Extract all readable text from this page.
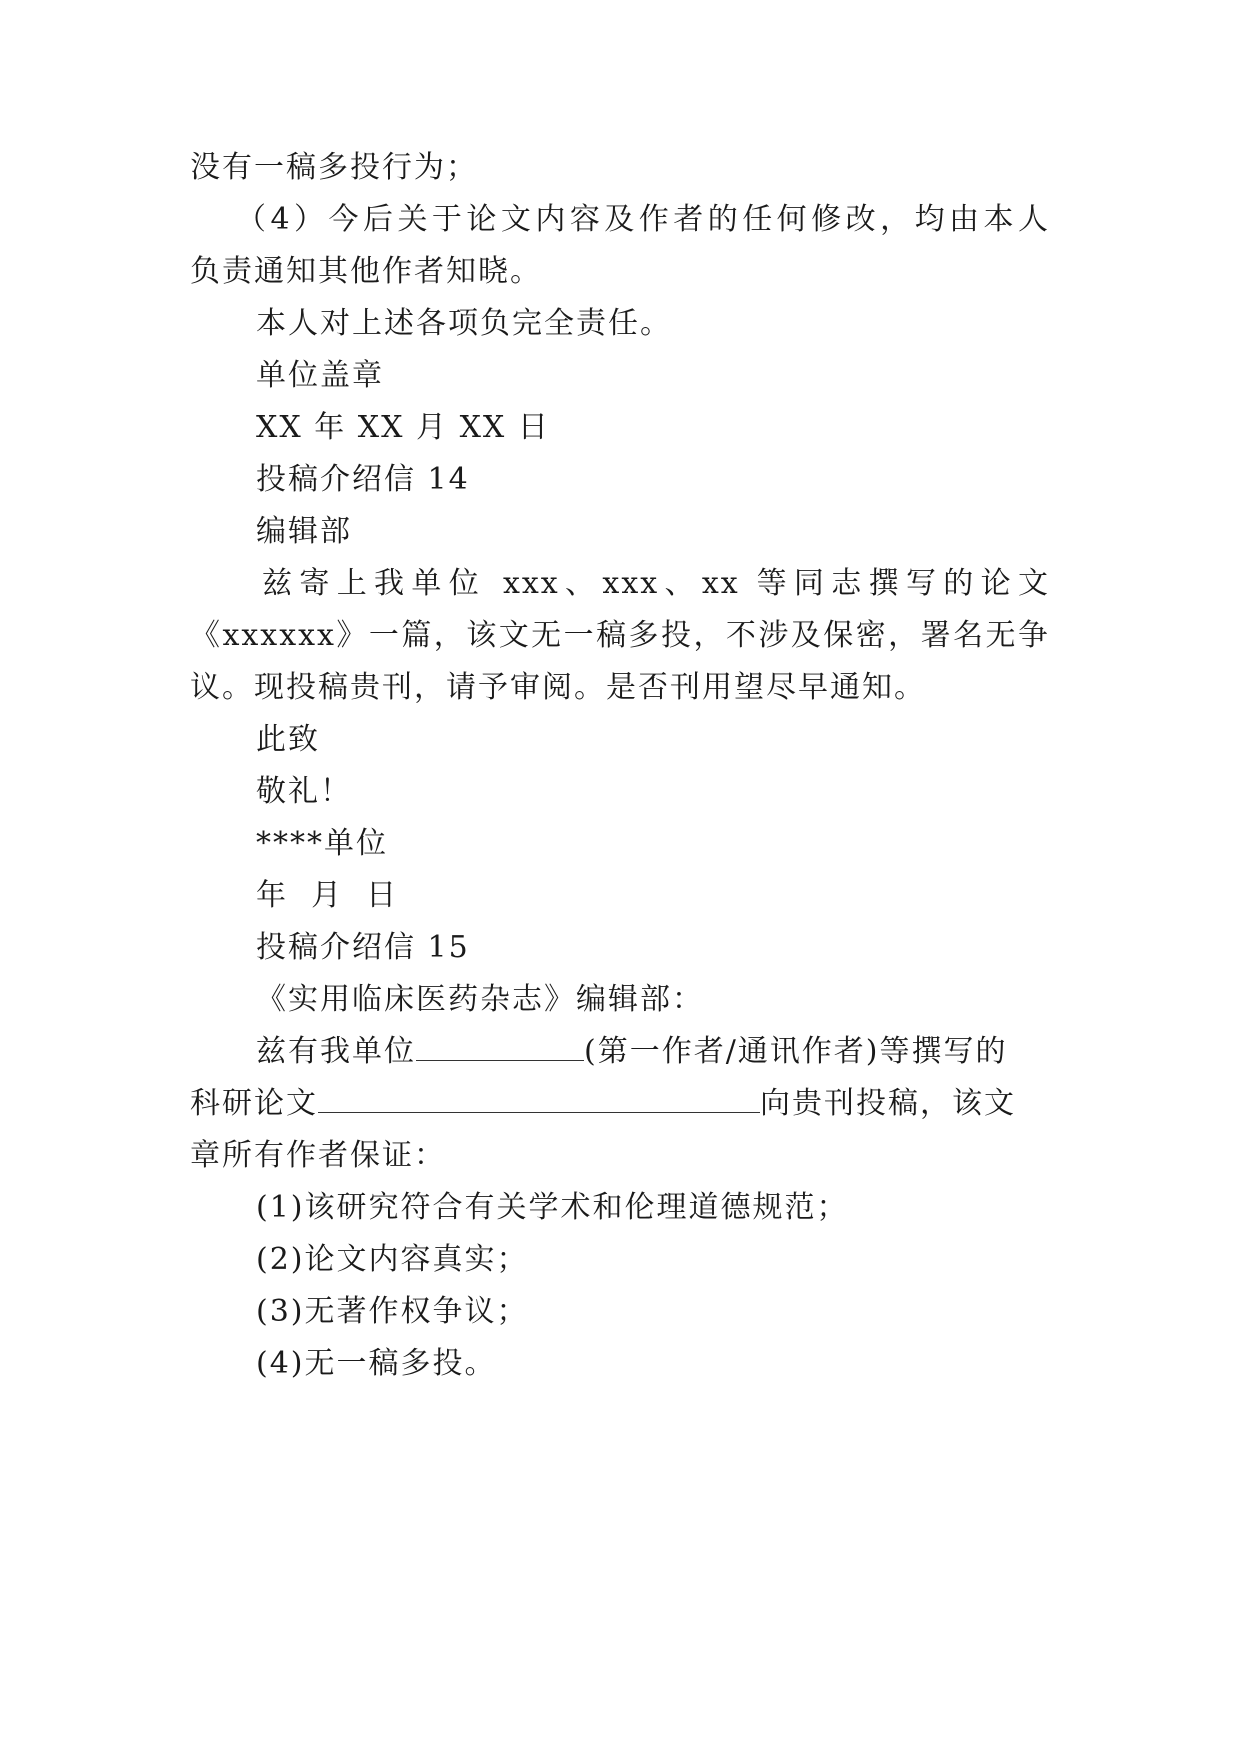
没有一稿多投行为；
（4）今后关于论文内容及作者的任何修改，均由本人
负责通知其他作者知晓。
本人对上述各项负完全责任。
单位盖章
XX 年 XX 月 XX 日
投稿介绍信 14
编辑部
兹寄上我单位 xxx、xxx、xx 等同志撰写的论文
《xxxxxx》一篇，该文无一稿多投，不涉及保密，署名无争
议。现投稿贵刊，请予审阅。是否刊用望尽早通知。
此致
敬礼！
****单位
年  月  日
投稿介绍信 15
《实用临床医药杂志》编辑部：
兹有我单位	(第一作者/通讯作者)等撰写的
科研论文	向贵刊投稿，该文
章所有作者保证：
(1)该研究符合有关学术和伦理道德规范；
(2)论文内容真实；
(3)无著作权争议；
(4)无一稿多投。
